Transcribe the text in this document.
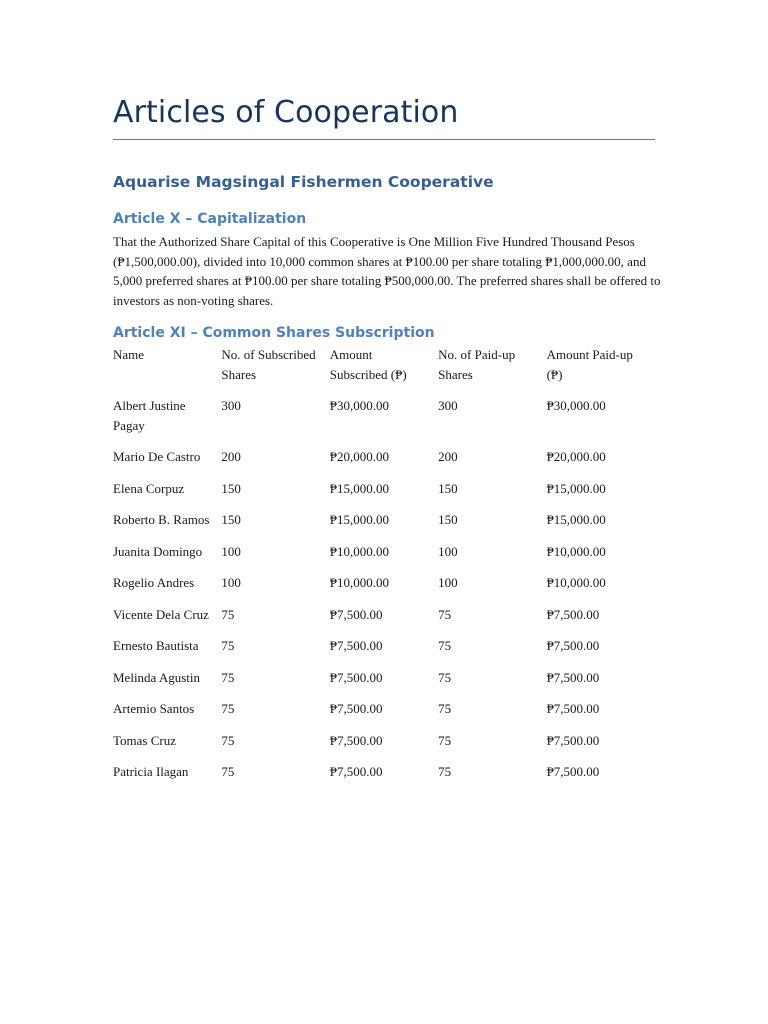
Articles of Cooperation
Aquarise Magsingal Fishermen Cooperative
Article X – Capitalization

That the Authorized Share Capital of this Cooperative is One Million Five Hundred Thousand Pesos (₱1,500,000.00), divided into 10,000 common shares at ₱100.00 per share totaling ₱1,000,000.00, and 5,000 preferred shares at ₱100.00 per share totaling ₱500,000.00. The preferred shares shall be offered to investors as non-voting shares.

Article XI – Common Shares Subscription
Name	No. of Subscribed Shares	Amount Subscribed (₱)	No. of Paid-up Shares	Amount Paid-up (₱)
Albert Justine Pagay	300	₱30,000.00	300	₱30,000.00
Mario De Castro	200	₱20,000.00	200	₱20,000.00
Elena Corpuz	150	₱15,000.00	150	₱15,000.00
Roberto B. Ramos	150	₱15,000.00	150	₱15,000.00
Juanita Domingo	100	₱10,000.00	100	₱10,000.00
Rogelio Andres	100	₱10,000.00	100	₱10,000.00
Vicente Dela Cruz	75	₱7,500.00	75	₱7,500.00
Ernesto Bautista	75	₱7,500.00	75	₱7,500.00
Melinda Agustin	75	₱7,500.00	75	₱7,500.00
Artemio Santos	75	₱7,500.00	75	₱7,500.00
Tomas Cruz	75	₱7,500.00	75	₱7,500.00
Patricia Ilagan	75	₱7,500.00	75	₱7,500.00
